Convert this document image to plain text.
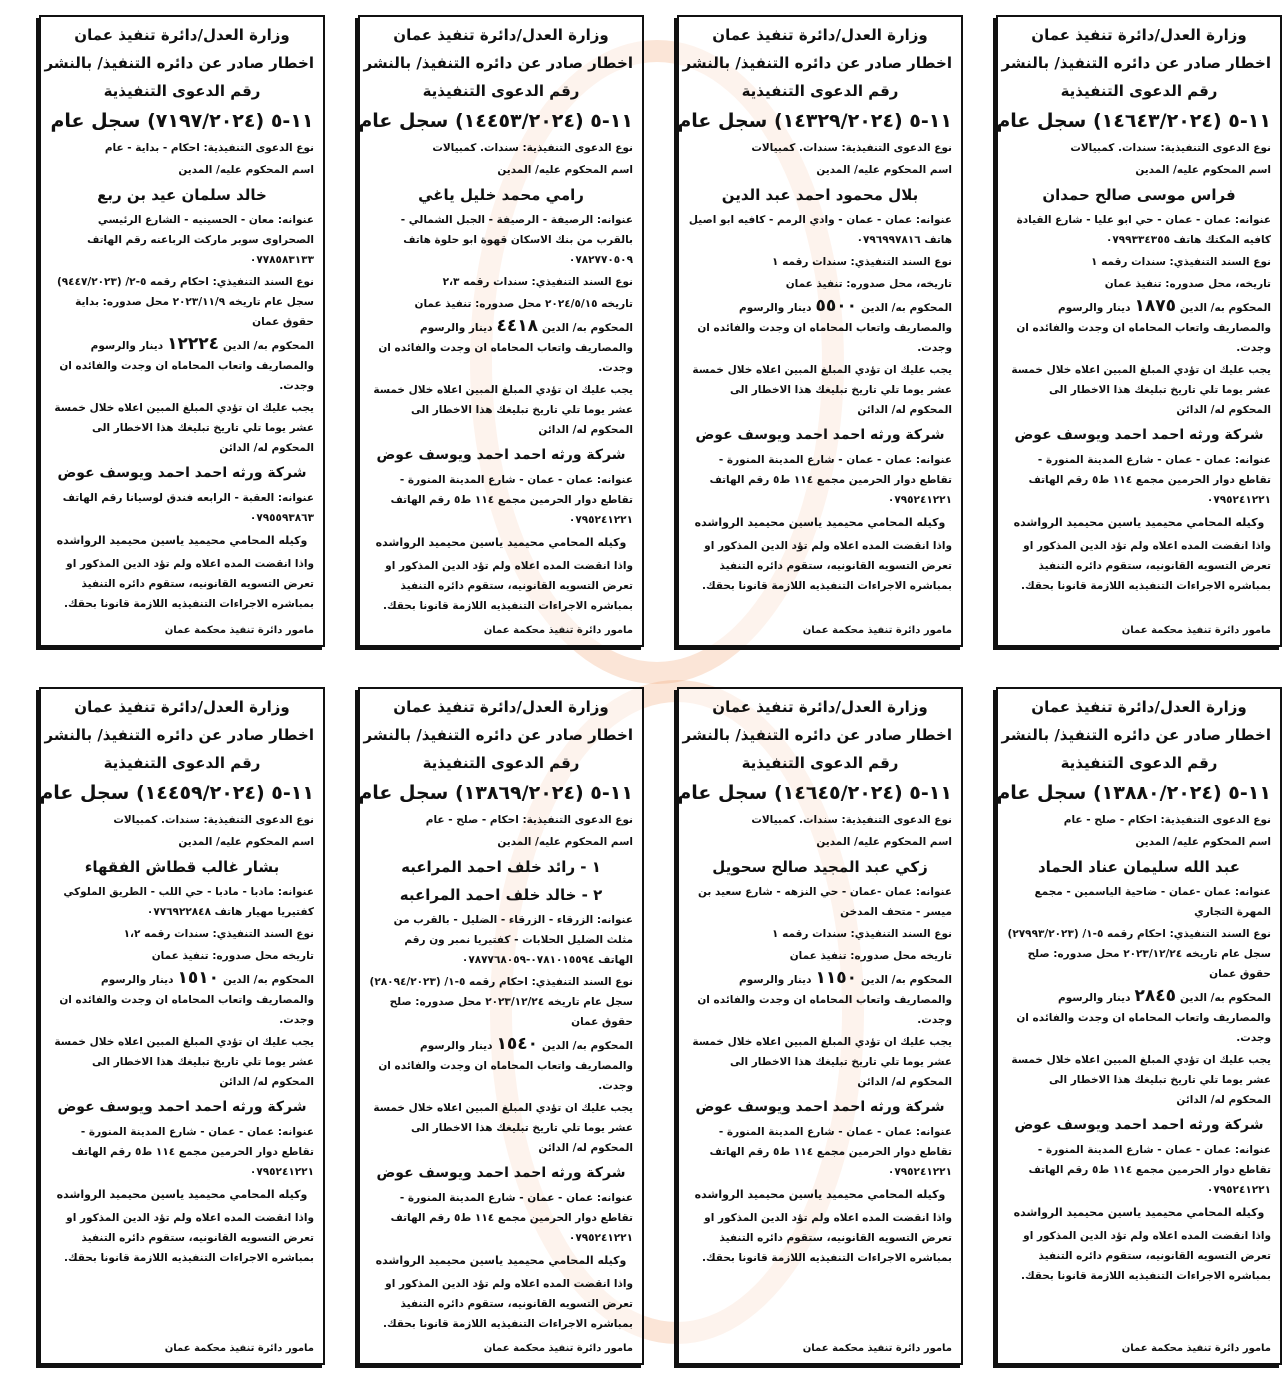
وزارة العدل/دائرة تنفيذ عمان
اخطار صادر عن دائره التنفيذ/ بالنشر
رقم الدعوى التنفيذية
١١-٥ (١٤٦٤٣/٢٠٢٤) سجل عام
نوع الدعوى التنفيذية: سندات. كمبيالات
اسم المحكوم عليه/ المدين
فراس موسى صالح حمدان
عنوانه: عمان - عمان - حي ابو عليا - شارع القيادة كافيه المكتك هاتف ٠٧٩٩٣٣٤٣٥٥
نوع السند التنفيذي: سندات رقمه ١
تاريخه، محل صدوره: تنفيذ عمان
المحكوم به/ الدين١٨٧٥دينار والرسوم والمصاريف واتعاب المحاماه ان وجدت والفائده ان وجدت.
يجب عليك ان تؤدي المبلغ المبين اعلاه خلال خمسة عشر يوما تلي تاريخ تبليغك هذا الاخطار الى المحكوم له/ الدائن
شركة ورثه احمد احمد ويوسف عوض
عنوانه: عمان - عمان - شارع المدينة المنورة - تقاطع دوار الحرمين مجمع ١١٤ ط٥ رقم الهاتف ٠٧٩٥٢٤١٢٢١
وكيله المحامي محيميد ياسين محيميد الرواشده
واذا انقضت المده اعلاه ولم تؤد الدين المذكور او تعرض التسويه القانونيه، ستقوم دائره التنفيذ بمباشره الاجراءات التنفيذيه اللازمة قانونا بحقك.
مامور دائرة تنفيذ محكمة عمان
وزارة العدل/دائرة تنفيذ عمان
اخطار صادر عن دائره التنفيذ/ بالنشر
رقم الدعوى التنفيذية
١١-٥ (١٤٣٢٩/٢٠٢٤) سجل عام
نوع الدعوى التنفيذية: سندات. كمبيالات
اسم المحكوم عليه/ المدين
بلال محمود احمد عبد الدين
عنوانه: عمان - عمان - وادي الرمم - كافيه ابو اصيل هاتف ٠٧٩٦٩٩٧٨١٦
نوع السند التنفيذي: سندات رقمه ١
تاريخه، محل صدوره: تنفيذ عمان
المحكوم به/ الدين٥٥٠٠دينار والرسوم والمصاريف واتعاب المحاماه ان وجدت والفائده ان وجدت.
يجب عليك ان تؤدي المبلغ المبين اعلاه خلال خمسة عشر يوما تلي تاريخ تبليغك هذا الاخطار الى المحكوم له/ الدائن
شركة ورثه احمد احمد ويوسف عوض
عنوانه: عمان - عمان - شارع المدينة المنورة - تقاطع دوار الحرمين مجمع ١١٤ ط٥ رقم الهاتف ٠٧٩٥٢٤١٢٢١
وكيله المحامي محيميد ياسين محيميد الرواشده
واذا انقضت المده اعلاه ولم تؤد الدين المذكور او تعرض التسويه القانونيه، ستقوم دائره التنفيذ بمباشره الاجراءات التنفيذيه اللازمة قانونا بحقك.
مامور دائرة تنفيذ محكمة عمان
وزارة العدل/دائرة تنفيذ عمان
اخطار صادر عن دائره التنفيذ/ بالنشر
رقم الدعوى التنفيذية
١١-٥ (١٤٤٥٣/٢٠٢٤) سجل عام
نوع الدعوى التنفيذية: سندات. كمبيالات
اسم المحكوم عليه/ المدين
رامي محمد خليل ياغي
عنوانه: الرصيفة - الرصيفة - الجبل الشمالي - بالقرب من بنك الاسكان قهوة ابو حلوة هاتف ٠٧٨٢٧٧٠٥٠٩
نوع السند التنفيذي: سندات رقمه ٢،٣
تاريخه ٢٠٢٤/٥/١٥ محل صدوره: تنفيذ عمان
المحكوم به/ الدين٤٤١٨دينار والرسوم والمصاريف واتعاب المحاماه ان وجدت والفائده ان وجدت.
يجب عليك ان تؤدي المبلغ المبين اعلاه خلال خمسة عشر يوما تلي تاريخ تبليغك هذا الاخطار الى المحكوم له/ الدائن
شركة ورثه احمد احمد ويوسف عوض
عنوانه: عمان - عمان - شارع المدينة المنورة - تقاطع دوار الحرمين مجمع ١١٤ ط٥ رقم الهاتف ٠٧٩٥٢٤١٢٢١
وكيله المحامي محيميد ياسين محيميد الرواشده
واذا انقضت المده اعلاه ولم تؤد الدين المذكور او تعرض التسويه القانونيه، ستقوم دائره التنفيذ بمباشره الاجراءات التنفيذيه اللازمة قانونا بحقك.
مامور دائرة تنفيذ محكمة عمان
وزارة العدل/دائرة تنفيذ عمان
اخطار صادر عن دائره التنفيذ/ بالنشر
رقم الدعوى التنفيذية
١١-٥ (٧١٩٧/٢٠٢٤) سجل عام
نوع الدعوى التنفيذية: احكام - بداية - عام
اسم المحكوم عليه/ المدين
خالد سلمان عيد بن ربع
عنوانه: معان - الحسينيه - الشارع الرئيسي الصحراوى سوبر ماركت الرباعنه رقم الهاتف ٠٧٧٨٥٨٣١٣٣
نوع السند التنفيذي: احكام رقمه ٥-٢/ (٩٤٤٧/٢٠٢٣) سجل عام تاريخه ٢٠٢٣/١١/٩ محل صدوره: بداية حقوق عمان
المحكوم به/ الدين١٢٢٢٤دينار والرسوم والمصاريف واتعاب المحاماه ان وجدت والفائده ان وجدت.
يجب عليك ان تؤدي المبلغ المبين اعلاه خلال خمسة عشر يوما تلي تاريخ تبليغك هذا الاخطار الى المحكوم له/ الدائن
شركة ورثه احمد احمد ويوسف عوض
عنوانه: العقبة - الرابعه فندق لوسيانا رقم الهاتف ٠٧٩٥٥٩٣٨٦٣
وكيله المحامي محيميد ياسين محيميد الرواشده
واذا انقضت المده اعلاه ولم تؤد الدين المذكور او تعرض التسويه القانونيه، ستقوم دائره التنفيذ بمباشره الاجراءات التنفيذيه اللازمة قانونا بحقك.
مامور دائرة تنفيذ محكمة عمان
وزارة العدل/دائرة تنفيذ عمان
اخطار صادر عن دائره التنفيذ/ بالنشر
رقم الدعوى التنفيذية
١١-٥ (١٣٨٨٠/٢٠٢٤) سجل عام
نوع الدعوى التنفيذية: احكام - صلح - عام
اسم المحكوم عليه/ المدين
عبد الله سليمان عناد الحماد
عنوانه: عمان -عمان - ضاحية الياسمين - مجمع المهرة التجاري
نوع السند التنفيذي: احكام رقمه ٥-١/ (٢٧٩٩٣/٢٠٢٣) سجل عام تاريخه ٢٠٢٣/١٢/٢٤ محل صدوره: صلح حقوق عمان
المحكوم به/ الدين٢٨٤٥دينار والرسوم والمصاريف واتعاب المحاماه ان وجدت والفائده ان وجدت.
يجب عليك ان تؤدي المبلغ المبين اعلاه خلال خمسة عشر يوما تلي تاريخ تبليغك هذا الاخطار الى المحكوم له/ الدائن
شركة ورثه احمد احمد ويوسف عوض
عنوانه: عمان - عمان - شارع المدينة المنورة - تقاطع دوار الحرمين مجمع ١١٤ ط٥ رقم الهاتف ٠٧٩٥٢٤١٢٢١
وكيله المحامي محيميد ياسين محيميد الرواشده
واذا انقضت المده اعلاه ولم تؤد الدين المذكور او تعرض التسويه القانونيه، ستقوم دائره التنفيذ بمباشره الاجراءات التنفيذيه اللازمة قانونا بحقك.
مامور دائرة تنفيذ محكمة عمان
وزارة العدل/دائرة تنفيذ عمان
اخطار صادر عن دائره التنفيذ/ بالنشر
رقم الدعوى التنفيذية
١١-٥ (١٤٦٤٥/٢٠٢٤) سجل عام
نوع الدعوى التنفيذية: سندات. كمبيالات
اسم المحكوم عليه/ المدين
زكي عبد المجيد صالح سحويل
عنوانه: عمان -عمان - حي النزهه - شارع سعيد بن ميسر - متحف المدخن
نوع السند التنفيذي: سندات رقمه ١
تاريخه محل صدوره: تنفيذ عمان
المحكوم به/ الدين١١٥٠دينار والرسوم والمصاريف واتعاب المحاماه ان وجدت والفائده ان وجدت.
يجب عليك ان تؤدي المبلغ المبين اعلاه خلال خمسة عشر يوما تلي تاريخ تبليغك هذا الاخطار الى المحكوم له/ الدائن
شركة ورثه احمد احمد ويوسف عوض
عنوانه: عمان - عمان - شارع المدينة المنورة - تقاطع دوار الحرمين مجمع ١١٤ ط٥ رقم الهاتف ٠٧٩٥٢٤١٢٢١
وكيله المحامي محيميد ياسين محيميد الرواشده
واذا انقضت المده اعلاه ولم تؤد الدين المذكور او تعرض التسويه القانونيه، ستقوم دائره التنفيذ بمباشره الاجراءات التنفيذيه اللازمة قانونا بحقك.
مامور دائرة تنفيذ محكمة عمان
وزارة العدل/دائرة تنفيذ عمان
اخطار صادر عن دائره التنفيذ/ بالنشر
رقم الدعوى التنفيذية
١١-٥ (١٣٨٦٩/٢٠٢٤) سجل عام
نوع الدعوى التنفيذية: احكام - صلح - عام
اسم المحكوم عليه/ المدين
١ - رائد خلف احمد المراعبه
٢ - خالد خلف احمد المراعبه
عنوانه: الزرقاء - الزرقاء - الضليل - بالقرب من مثلث الضليل الحلابات - كفتيريا نمبر ون رقم الهاتف ٠٧٨١٠١٥٥٩٤-٠٧٨٧٧٦٨٠٥٩
نوع السند التنفيذي: احكام رقمه ٥-١/ (٢٨٠٩٤/٢٠٢٣) سجل عام تاريخه ٢٠٢٣/١٢/٢٤ محل صدوره: صلح حقوق عمان
المحكوم به/ الدين١٥٤٠دينار والرسوم والمصاريف واتعاب المحاماه ان وجدت والفائده ان وجدت.
يجب عليك ان تؤدي المبلغ المبين اعلاه خلال خمسة عشر يوما تلي تاريخ تبليغك هذا الاخطار الى المحكوم له/ الدائن
شركة ورثه احمد احمد ويوسف عوض
عنوانه: عمان - عمان - شارع المدينة المنورة - تقاطع دوار الحرمين مجمع ١١٤ ط٥ رقم الهاتف ٠٧٩٥٢٤١٢٢١
وكيله المحامي محيميد ياسين محيميد الرواشده
واذا انقضت المده اعلاه ولم تؤد الدين المذكور او تعرض التسويه القانونيه، ستقوم دائره التنفيذ بمباشره الاجراءات التنفيذيه اللازمة قانونا بحقك.
مامور دائرة تنفيذ محكمة عمان
وزارة العدل/دائرة تنفيذ عمان
اخطار صادر عن دائره التنفيذ/ بالنشر
رقم الدعوى التنفيذية
١١-٥ (١٤٤٥٩/٢٠٢٤) سجل عام
نوع الدعوى التنفيذية: سندات. كمبيالات
اسم المحكوم عليه/ المدين
بشار غالب قطاش الفقهاء
عنوانه: مادبا - مادبا - حي اللب - الطريق الملوكي كفتيريا مهيار هاتف ٠٧٧٦٩٢٢٨٤٨
نوع السند التنفيذي: سندات رقمه ١،٢
تاريخه محل صدوره: تنفيذ عمان
المحكوم به/ الدين١٥١٠دينار والرسوم والمصاريف واتعاب المحاماه ان وجدت والفائده ان وجدت.
يجب عليك ان تؤدي المبلغ المبين اعلاه خلال خمسة عشر يوما تلي تاريخ تبليغك هذا الاخطار الى المحكوم له/ الدائن
شركة ورثه احمد احمد ويوسف عوض
عنوانه: عمان - عمان - شارع المدينة المنورة - تقاطع دوار الحرمين مجمع ١١٤ ط٥ رقم الهاتف ٠٧٩٥٢٤١٢٢١
وكيله المحامي محيميد ياسين محيميد الرواشده
واذا انقضت المده اعلاه ولم تؤد الدين المذكور او تعرض التسويه القانونيه، ستقوم دائره التنفيذ بمباشره الاجراءات التنفيذيه اللازمة قانونا بحقك.
مامور دائرة تنفيذ محكمة عمان
